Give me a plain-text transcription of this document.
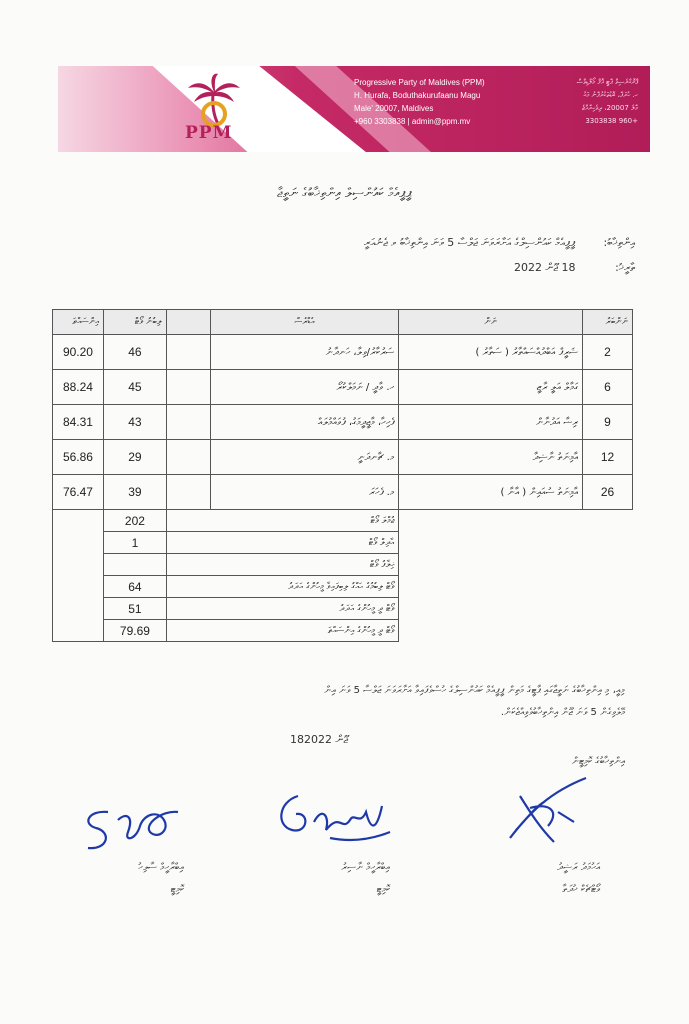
PPM
Progressive Party of Maldives (PPM)
H. Hurafa, Boduthakurufaanu Magu
Male' 20007, Maldives
+960 3303838 | admin@ppm.mv
ޕްރޮގްރެސިވް ޕާޓީ އޮފް މޯލްޑިވްސް
ހ. ހުރަފާ، ބޮޑުތަކުރުފާނު މަގު
މާލެ 20007، ދިވެހިރާއްޖެ
+960 3303838
ޕީޕީއެމް ކައުންސިލް އިންތިޚާބުގެ ނަތީޖާ
އިންތިޚާބު: ޕީޕީއެމް ކައުންސިލްގެ އަށާރަވަނަ ޖަލްސާ 5 ވަނަ އިންތިޚާބު ވ ޖެނުއަރީ
ތާރީޚު: 18 ޖޫން 2022
އިންސައްތަ	ލިބުނު ވޯޓް		އެޑްރެސް	ނަން	ނަންބަރު
90.20	46		ސަރުކާރު/ވިލާ، ހަނދާނު	ޝަރީފް އަބްދުއްސައްތާރު ( ސަތާރު )	2
88.24	45		ހ. ވާދީ / ނަމަލްކުރޯ	ގަމާލް އަލީ ރާޒީ	6
84.31	43		ފެހިހާ، މާޖީދީމަގު، ފުވައްމުލައް	ރިޟާ އަދުނާން	9
56.86	29		މ. ޗާނދަނީ	އާމިނަތު ނާޝިދާ	12
76.47	39		މ. ފެހަރަ	އާމިނަތު ސުއައިން ( އާނާ )	26
	202	ޖުމްލަ ވޯޓް			
	1	އާދިލް ވޯޓް			
		ޚިލާފު ވޯޓް			
	64	ވޯޓް ލިބުމުގެ ޙައްގު ލިބިފައިވާ މީހުންގެ އަދަދު			
	51	ވޯޓް ދީ މީހުންގެ އަދަދު			
	79.69	ވޯޓް ދީ މީހުންގެ އިންސައްތަ			
މިއީ، މި އިންތިޚާބުގެ ނަތީޖާގައި ޕާޓީގެ މަތިން ޕީޕީއެމް ކައުންސިލްގެ ހުސްވެފައިވާ އަށާރަވަނަ ޖަލްސާ 5 ވަނަ އިން
މޭލެވިގެން 5 ވަނަ ޖޫން އިންތިޚާބުވެވިއްޖެކަން.
18ޖޫން 2022
އިންތިޚާބުގެ ކޮމިޓީން
އަހުމަދު ރަޝީދު
ވޯޓްޗެކް ޚުދަތާ
އިބްރާހީމް ނާސިރު
ކޮމިޓީ
އިބްރާހީމް ސާލިހު
ކޮމިޓީ
